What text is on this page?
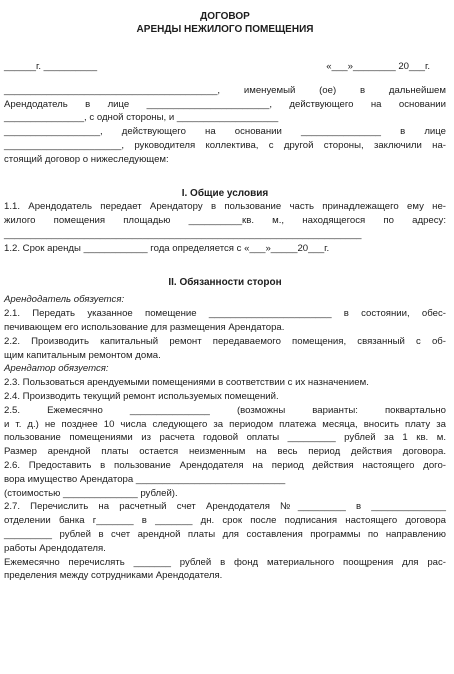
ДОГОВОР
АРЕНДЫ НЕЖИЛОГО ПОМЕЩЕНИЯ
______г. __________	«___»________ 20___г.
________________________________________, именуемый (ое) в дальнейшем
Арендодатель в лице _______________________, действующего на основании
_______________, с одной стороны, и ___________________
__________________, действующего на основании _______________ в лице
______________________, руководителя коллектива, с другой стороны, заключили на-
стоящий договор о нижеследующем:
I. Общие условия
1.1. Арендодатель передает Арендатору в пользование часть принадлежащего ему не-
жилого помещения площадью __________кв. м., находящегося по адресу:
___________________________________________________________________
1.2. Срок аренды ____________ года определяется с «___»_____20___г.
II. Обязанности сторон
Арендодатель обязуется:
2.1. Передать указанное помещение _______________________ в состоянии, обес-
печивающем его использование для размещения Арендатора.
2.2. Производить капитальный ремонт передаваемого помещения, связанный с об-
щим капитальным ремонтом дома.
Арендатор обязуется:
2.3. Пользоваться арендуемыми помещениями в соответствии с их назначением.
2.4. Производить текущий ремонт используемых помещений.
2.5. Ежемесячно _______________ (возможны варианты: поквартально
и т. д.) не позднее 10 числа следующего за периодом платежа месяца, вносить плату за
пользование помещениями из расчета годовой оплаты _________ рублей за 1 кв. м.
Размер арендной платы остается неизменным на весь период действия договора.
2.6. Предоставить в пользование Арендодателя на период действия настоящего дого-
вора имущество Арендатора ____________________________
(стоимостью ______________ рублей).
2.7. Перечислить на расчетный счет Арендодателя №_________ в ______________
отделении банка г_______ в _______ дн. срок после подписания настоящего договора
_________ рублей в счет арендной платы для составления программы по направлению
работы Арендодателя.
Ежемесячно перечислять _______ рублей в фонд материального поощрения для рас-
пределения между сотрудниками Арендодателя.
